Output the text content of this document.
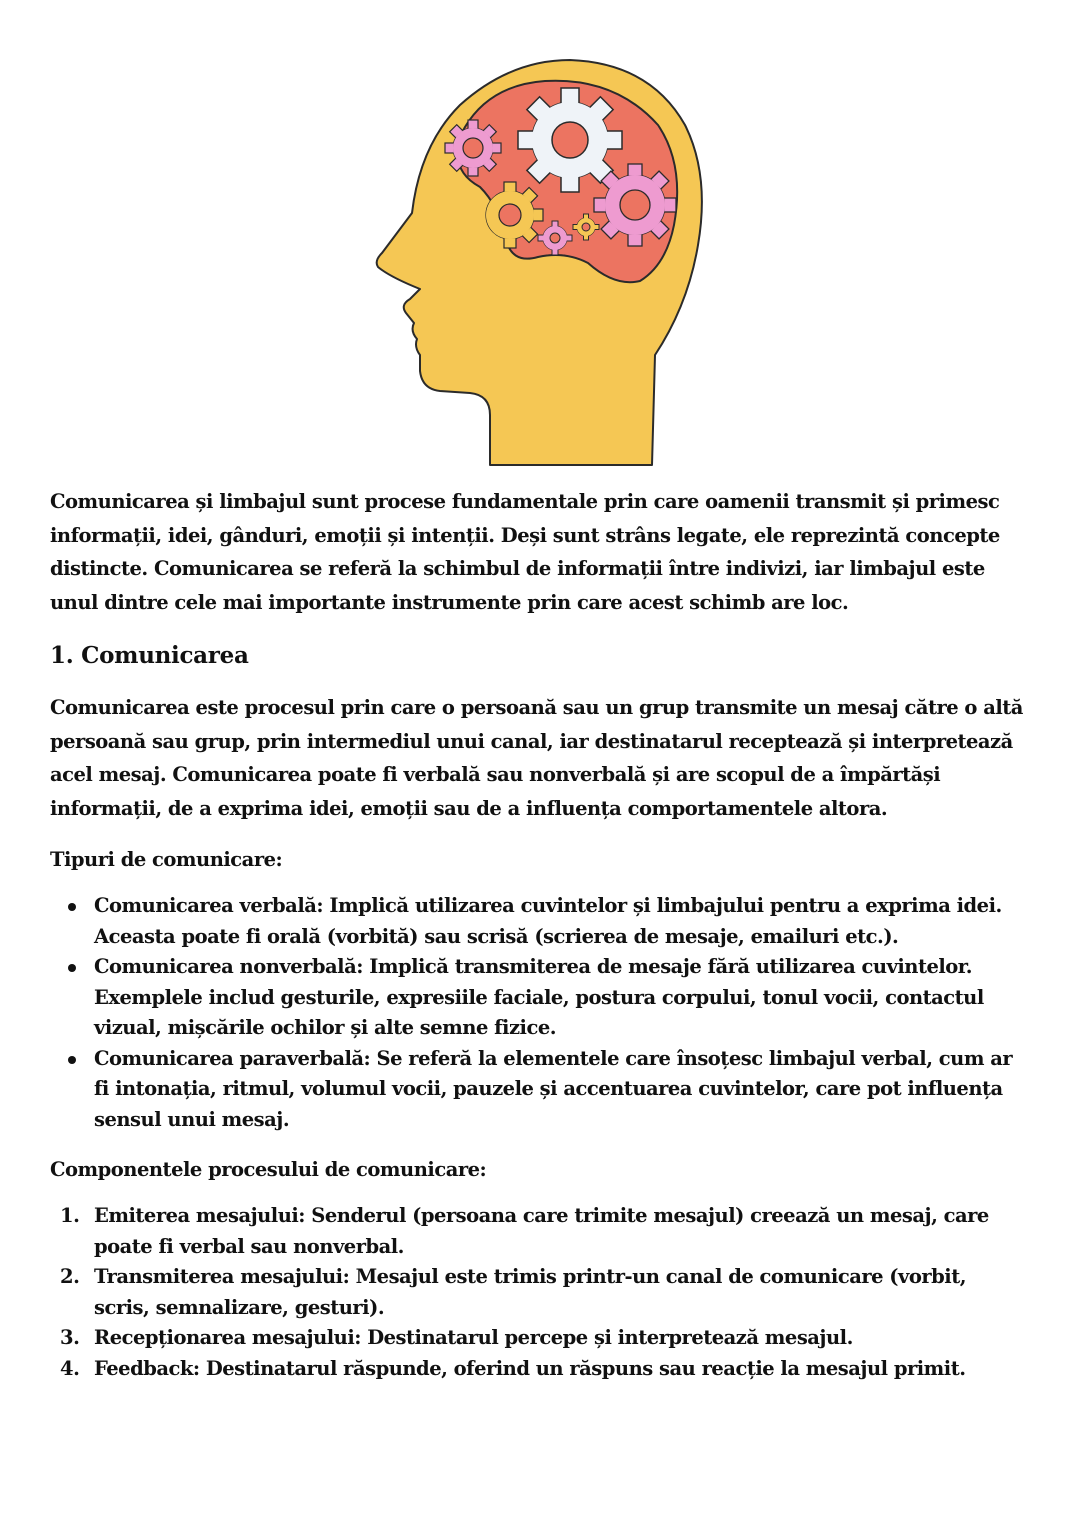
Comunicarea și limbajul sunt procese fundamentale prin care oamenii transmit și primesc informații, idei, gânduri, emoții și intenții. Deși sunt strâns legate, ele reprezintă concepte distincte. Comunicarea se referă la schimbul de informații între indivizi, iar limbajul este unul dintre cele mai importante instrumente prin care acest schimb are loc.

1. Comunicarea

Comunicarea este procesul prin care o persoană sau un grup transmite un mesaj către o altă persoană sau grup, prin intermediul unui canal, iar destinatarul receptează și interpretează acel mesaj. Comunicarea poate fi verbală sau nonverbală și are scopul de a împărtăși informații, de a exprima idei, emoții sau de a influența comportamentele altora.

Tipuri de comunicare:
Comunicarea verbală: Implică utilizarea cuvintelor și limbajului pentru a exprima idei. Aceasta poate fi orală (vorbită) sau scrisă (scrierea de mesaje, emailuri etc.).
Comunicarea nonverbală: Implică transmiterea de mesaje fără utilizarea cuvintelor. Exemplele includ gesturile, expresiile faciale, postura corpului, tonul vocii, contactul vizual, mișcările ochilor și alte semne fizice.
Comunicarea paraverbală: Se referă la elementele care însoțesc limbajul verbal, cum ar fi intonația, ritmul, volumul vocii, pauzele și accentuarea cuvintelor, care pot influența sensul unui mesaj.
Componentele procesului de comunicare:
1. Emiterea mesajului: Senderul (persoana care trimite mesajul) creează un mesaj, care poate fi verbal sau nonverbal.
2. Transmiterea mesajului: Mesajul este trimis printr-un canal de comunicare (vorbit, scris, semnalizare, gesturi).
3. Recepționarea mesajului: Destinatarul percepe și interpretează mesajul.
4. Feedback: Destinatarul răspunde, oferind un răspuns sau reacție la mesajul primit.
